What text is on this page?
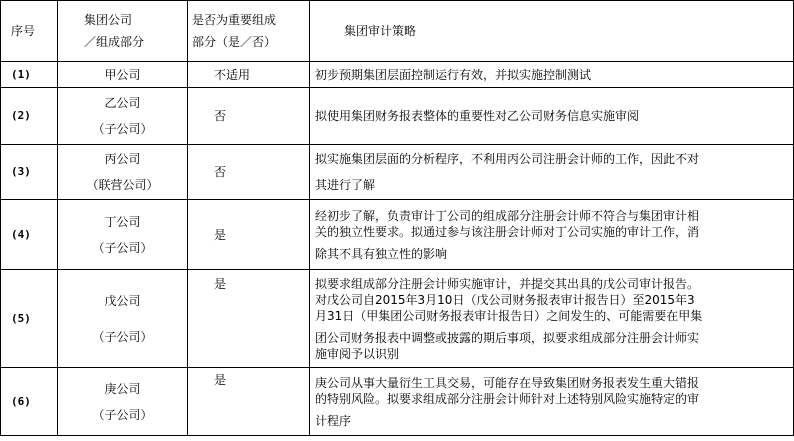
序号	集团公司
／组成部分	是否为重要组成
部分（是／否）	集团审计策略
(1)	甲公司	不适用	初步预期集团层面控制运行有效，并拟实施控制测试

(2)	乙公司
（子公司）	否	拟使用集团财务报表整体的重要性对乙公司财务信息实施审阅

(3)	丙公司
（联营公司）	否	拟实施集团层面的分析程序，不利用丙公司注册会计师的工作，因此不对
其进行了解

(4)	丁公司
（子公司）	是	经初步了解，负责审计丁公司的组成部分注册会计师不符合与集团审计相
关的独立性要求。拟通过参与该注册会计师对丁公司实施的审计工作，消
除其不具有独立性的影响

(5)	戊公司
（子公司）	是	拟要求组成部分注册会计师实施审计，并提交其出具的戊公司审计报告。
对戊公司自2015年3月10日（戊公司财务报表审计报告日）至2015年3
月31日（甲集团公司财务报表审计报告日）之间发生的、可能需要在甲集
团公司财务报表中调整或披露的期后事项，拟要求组成部分注册会计师实
施审阅予以识别

(6)	庚公司
（子公司）	是	庚公司从事大量衍生工具交易，可能存在导致集团财务报表发生重大错报
的特别风险。拟要求组成部分注册会计师针对上述特别风险实施特定的审
计程序
